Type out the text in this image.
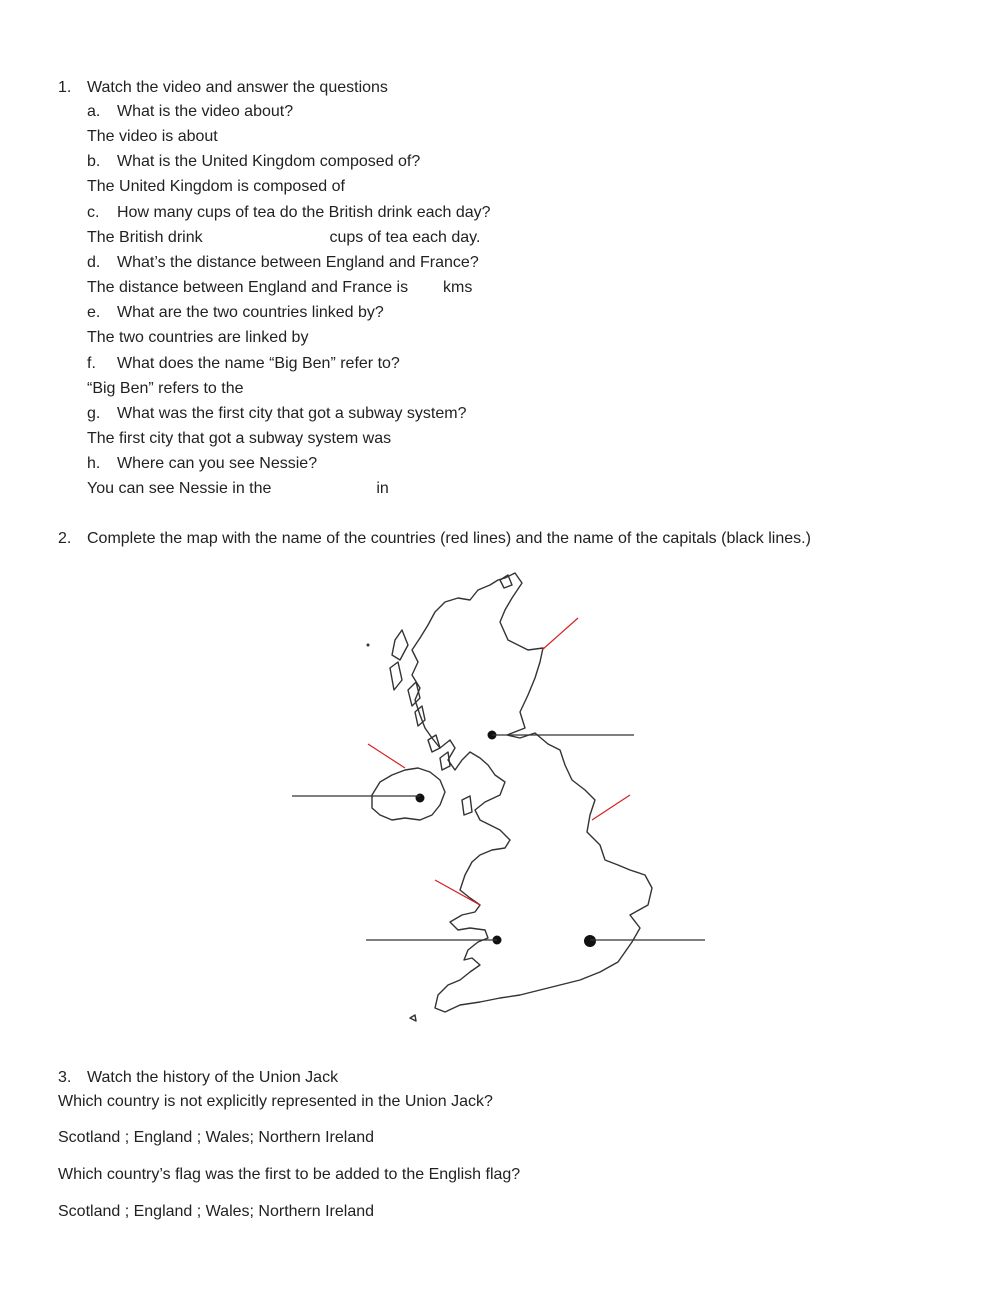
1. Watch the video and answer the questions
a. What is the video about?
The video is about
b. What is the United Kingdom composed of?
The United Kingdom is composed of
c. How many cups of tea do the British drink each day?
The British drink	cups of tea each day.
d. What’s the distance between England and France?
The distance between England and France is kms
e. What are the two countries linked by?
The two countries are linked by
f. What does the name “Big Ben” refer to?
“Big Ben” refers to the
g. What was the first city that got a subway system?
The first city that got a subway system was
h. Where can you see Nessie?
You can see Nessie in the	in
2. Complete the map with the name of the countries (red lines) and the name of the capitals (black lines.)
3. Watch the history of the Union Jack
Which country is not explicitly represented in the Union Jack?
Scotland ; England ; Wales; Northern Ireland
Which country’s flag was the first to be added to the English flag?
Scotland ; England ; Wales; Northern Ireland
